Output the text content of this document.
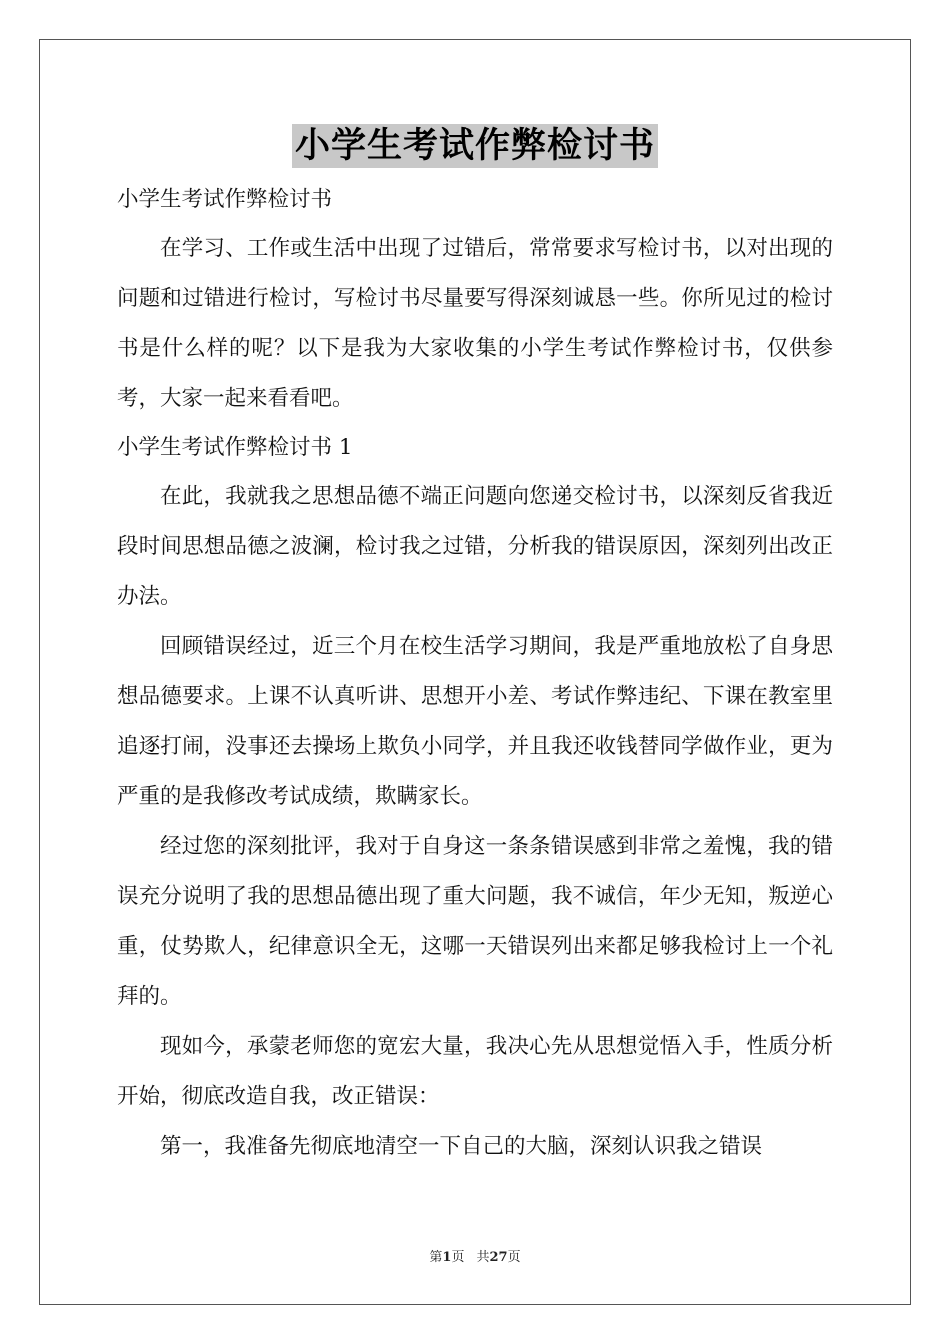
小学生考试作弊检讨书

小学生考试作弊检讨书

在学习、工作或生活中出现了过错后，常常要求写检讨书，以对出现的问题和过错进行检讨，写检讨书尽量要写得深刻诚恳一些。你所见过的检讨书是什么样的呢？以下是我为大家收集的小学生考试作弊检讨书，仅供参考，大家一起来看看吧。

小学生考试作弊检讨书 1

在此，我就我之思想品德不端正问题向您递交检讨书，以深刻反省我近段时间思想品德之波澜，检讨我之过错，分析我的错误原因，深刻列出改正办法。

回顾错误经过，近三个月在校生活学习期间，我是严重地放松了自身思想品德要求。上课不认真听讲、思想开小差、考试作弊违纪、下课在教室里追逐打闹，没事还去操场上欺负小同学，并且我还收钱替同学做作业，更为严重的是我修改考试成绩，欺瞒家长。

经过您的深刻批评，我对于自身这一条条错误感到非常之羞愧，我的错误充分说明了我的思想品德出现了重大问题，我不诚信，年少无知，叛逆心重，仗势欺人，纪律意识全无，这哪一天错误列出来都足够我检讨上一个礼拜的。

现如今，承蒙老师您的宽宏大量，我决心先从思想觉悟入手，性质分析开始，彻底改造自我，改正错误：

第一，我准备先彻底地清空一下自己的大脑，深刻认识我之错误

第1页 共27页
